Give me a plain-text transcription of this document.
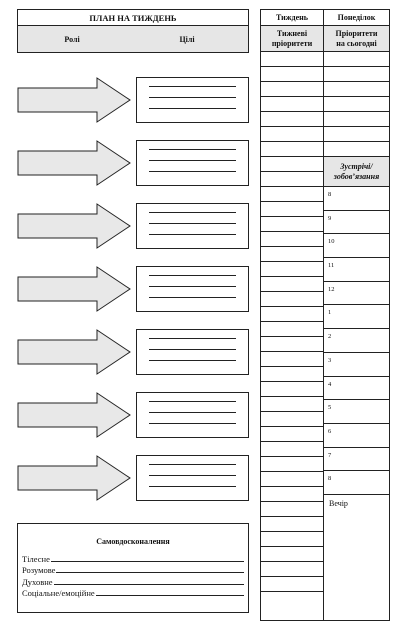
ПЛАН НА ТИЖДЕНЬ
Ролі	Цілі
Самовдосконалення
Тілесне
Розумове
Духовне
Соціальне/емоційне
Тиждень
Тижневі
пріоритети
Понеділок
Пріоритети
на сьогодні
Зустрічі/
зобов’язання
8
9
10
11
12
1
2
3
4
5
6
7
8
Вечір
